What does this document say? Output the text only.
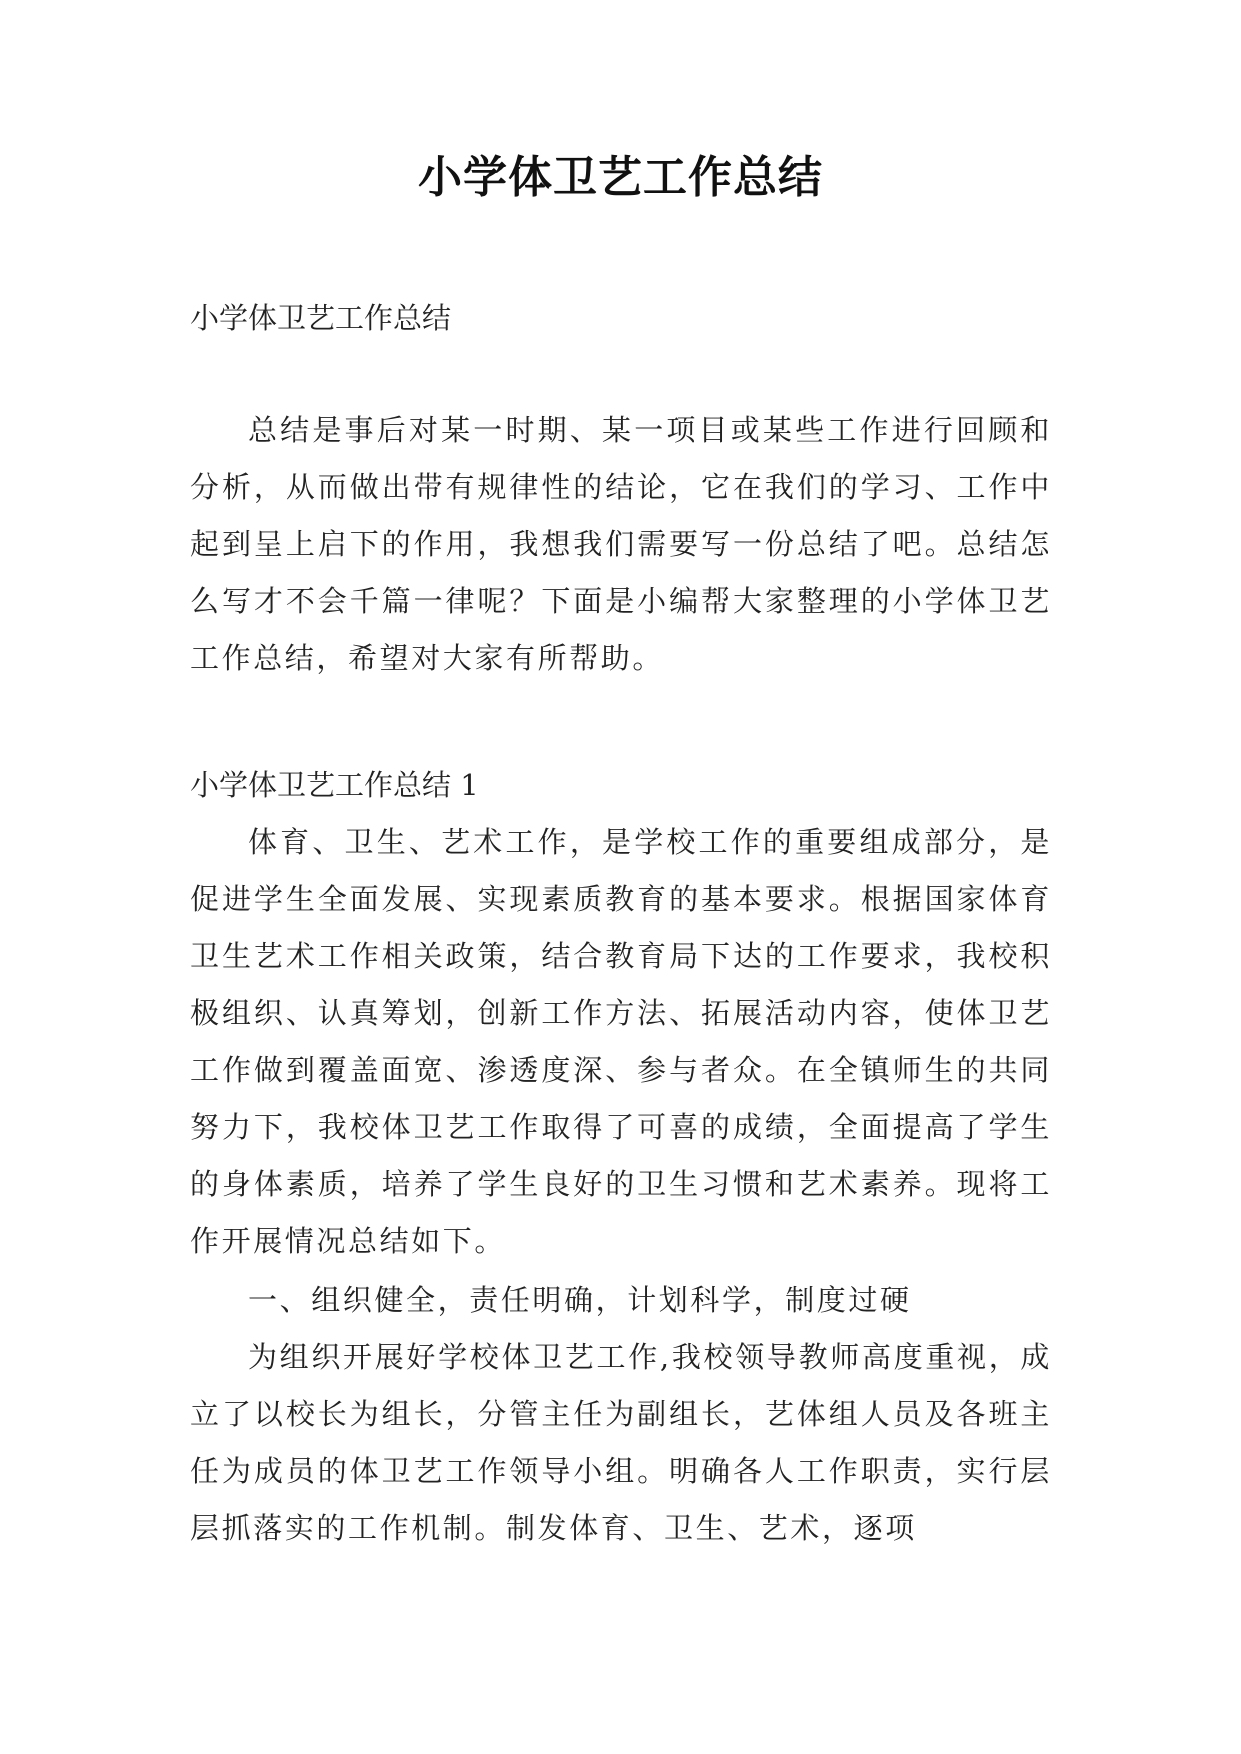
小学体卫艺工作总结
小学体卫艺工作总结

总结是事后对某一时期、某一项目或某些工作进行回顾和分析，从而做出带有规律性的结论，它在我们的学习、工作中起到呈上启下的作用，我想我们需要写一份总结了吧。总结怎么写才不会千篇一律呢？下面是小编帮大家整理的小学体卫艺工作总结，希望对大家有所帮助。

小学体卫艺工作总结 1

体育、卫生、艺术工作，是学校工作的重要组成部分，是促进学生全面发展、实现素质教育的基本要求。根据国家体育卫生艺术工作相关政策，结合教育局下达的工作要求，我校积极组织、认真筹划，创新工作方法、拓展活动内容，使体卫艺工作做到覆盖面宽、渗透度深、参与者众。在全镇师生的共同努力下，我校体卫艺工作取得了可喜的成绩，全面提高了学生的身体素质，培养了学生良好的卫生习惯和艺术素养。现将工作开展情况总结如下。

一、组织健全，责任明确，计划科学，制度过硬

为组织开展好学校体卫艺工作,我校领导教师高度重视，成立了以校长为组长，分管主任为副组长，艺体组人员及各班主任为成员的体卫艺工作领导小组。明确各人工作职责，实行层层抓落实的工作机制。制发体育、卫生、艺术，逐项
